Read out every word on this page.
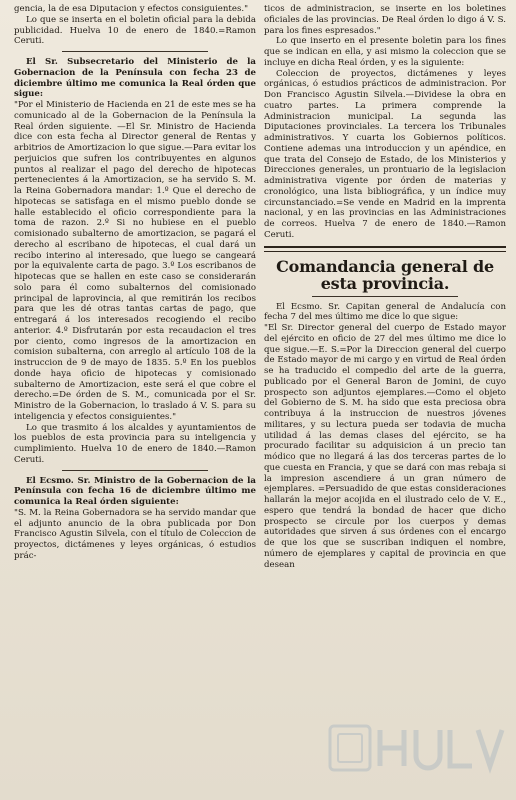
gencia, la de esa Diputacion y efectos consiguientes."

Lo que se inserta en el boletin oficial para la debida publicidad. Huelva 10 de enero de 1840.=Ramon Ceruti.

El Sr. Subsecretario del Ministerio de la Gobernacion de la Península con fecha 23 de diciembre último me comunica la Real órden que sigue:

"Por el Ministerio de Hacienda en 21 de este mes se ha comunicado al de la Gobernacion de la Península la Real órden siguiente. —El Sr. Ministro de Hacienda dice con esta fecha al Director general de Rentas y arbitrios de Amortizacion lo que sigue.—Para evitar los perjuicios que sufren los contribuyentes en algunos puntos al realizar el pago del derecho de hipotecas pertenecientes á la Amortizacion, se ha servido S. M. la Reina Gobernadora mandar: 1.º Que el derecho de hipotecas se satisfaga en el mismo pueblo donde se halle establecido el oficio correspondiente para la toma de razon. 2.º Si no hubiese en el pueblo comisionado subalterno de amortizacion, se pagará el derecho al escribano de hipotecas, el cual dará un recibo interino al interesado, que luego se cangeará por la equivalente carta de pago. 3.º Los escribanos de hipotecas que se hallen en este caso se considerarán solo para él como subalternos del comisionado principal de laprovincia, al que remitirán los recibos para que les dé otras tantas cartas de pago, que entregará á los interesados recogiendo el recibo anterior. 4.º Disfrutarán por esta recaudacion el tres por ciento, como ingresos de la amortizacion en comision subalterna, con arreglo al artículo 108 de la instruccion de 9 de mayo de 1835. 5.º En los pueblos donde haya oficio de hipotecas y comisionado subalterno de Amortizacion, este será el que cobre el derecho.=De órden de S. M., comunicada por el Sr. Ministro de la Gobernacion, lo traslado á V. S. para su inteligencia y efectos consiguientes."

Lo que trasmito á los alcaldes y ayuntamientos de los pueblos de esta provincia para su inteligencia y cumplimiento. Huelva 10 de enero de 1840.—Ramon Ceruti.

El Ecsmo. Sr. Ministro de la Gobernacion de la Península con fecha 16 de diciembre último me comunica la Real órden siguiente:

"S. M. la Reina Gobernadora se ha servido mandar que el adjunto anuncio de la obra publicada por Don Francisco Agustin Silvela, con el título de Coleccion de proyectos, dictámenes y leyes orgánicas, ó estudios prác-

ticos de administracion, se inserte en los boletines oficiales de las provincias. De Real órden lo digo á V. S. para los fines espresados."

Lo que inserto en el presente boletin para los fines que se indican en ella, y asi mismo la coleccion que se incluye en dicha Real órden, y es la siguiente:

Coleccion de proyectos, dictámenes y leyes orgánicas, ó estudios prácticos de administracion. Por Don Francisco Agustin Silvela.—Dividese la obra en cuatro partes. La primera comprende la Administracion municipal. La segunda las Diputaciones provinciales. La tercera los Tribunales administrativos. Y cuarta los Gobiernos políticos. Contiene ademas una introduccion y un apéndice, en que trata del Consejo de Estado, de los Ministerios y Direcciones generales, un prontuario de la legislacion administrativa vigente por órden de materias y cronológico, una lista bibliográfica, y un índice muy circunstanciado.=Se vende en Madrid en la imprenta nacional, y en las provincias en las Administraciones de correos. Huelva 7 de enero de 1840.—Ramon Ceruti.

Comandancia general de esta provincia.

El Ecsmo. Sr. Capitan general de Andalucía con fecha 7 del mes último me dice lo que sigue:

"El Sr. Director general del cuerpo de Estado mayor del ejército en oficio de 27 del mes último me dice lo que sigue.—E. S.=Por la Direccion general del cuerpo de Estado mayor de mi cargo y en virtud de Real órden se ha traducido el compedio del arte de la guerra, publicado por el General Baron de Jomini, de cuyo prospecto son adjuntos ejemplares.—Como el objeto del Gobierno de S. M. ha sido que esta preciosa obra contribuya á la instruccion de nuestros jóvenes militares, y su lectura pueda ser todavia de mucha utilidad á las demas clases del ejército, se ha procurado facilitar su adquisicion á un precio tan módico que no llegará á las dos terceras partes de lo que cuesta en Francia, y que se dará con mas rebaja si la impresion ascendiere á un gran número de ejemplares. =Persuadido de que estas consideraciones hallarán la mejor acojida en el ilustrado celo de V. E., espero que tendrá la bondad de hacer que dicho prospecto se circule por los cuerpos y demas autoridades que sirven á sus órdenes con el encargo de que los que se suscriban indiquen el nombre, número de ejemplares y capital de provincia en que desean
